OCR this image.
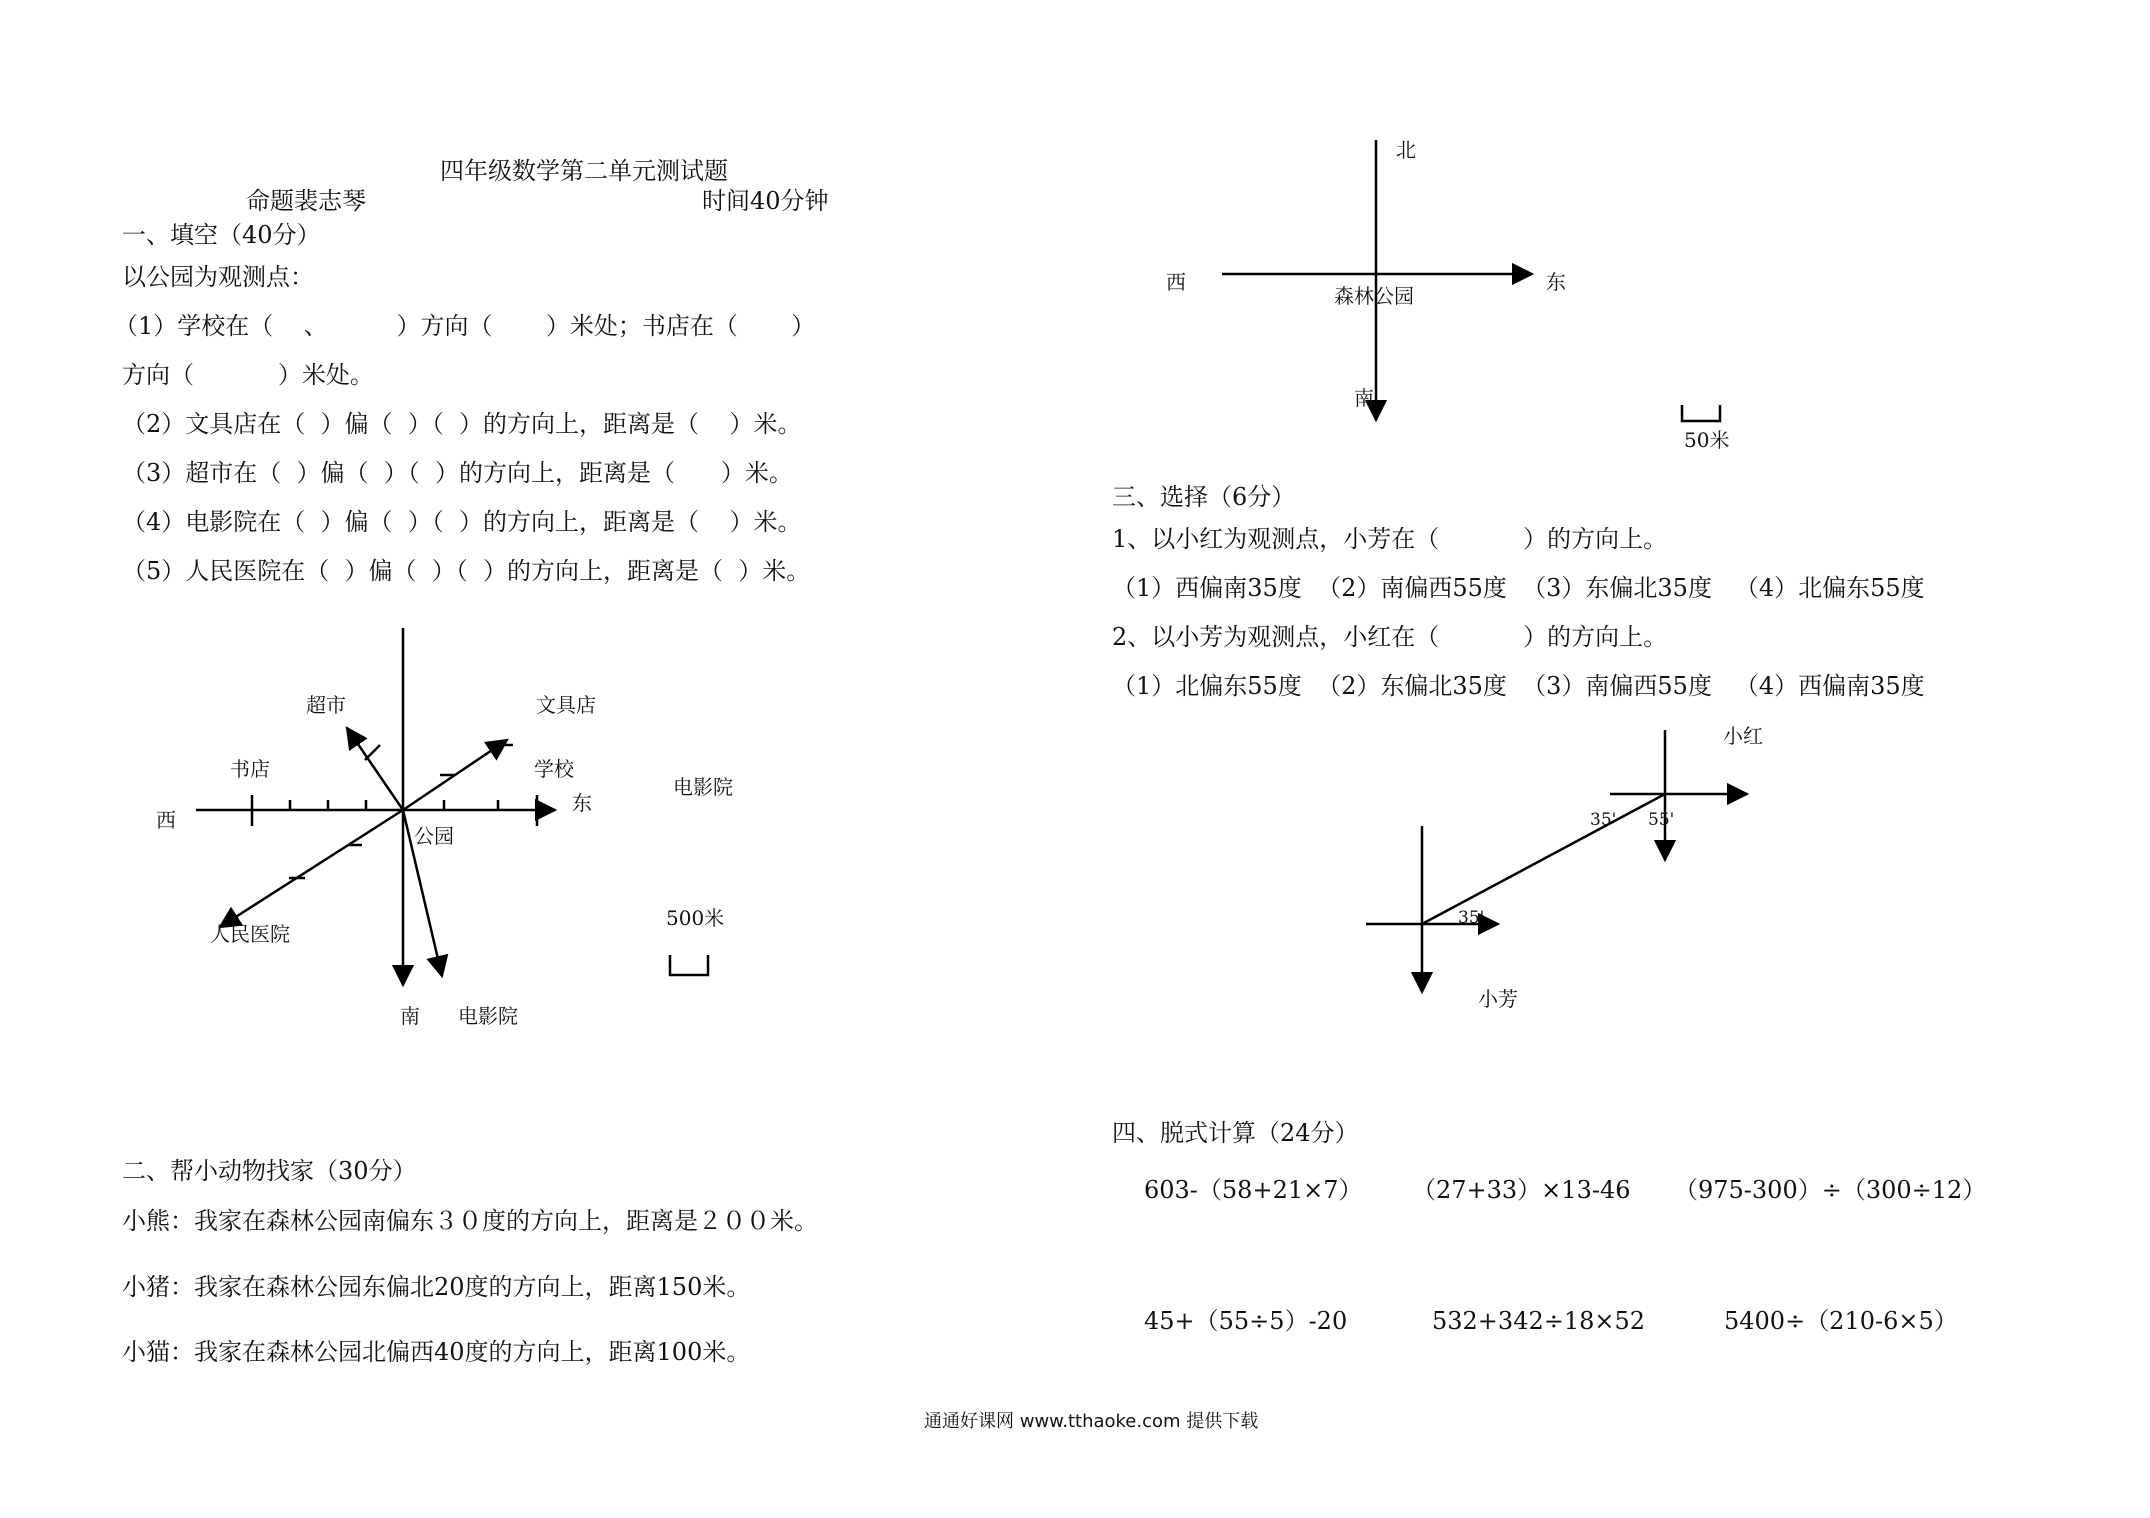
四年级数学第二单元测试题
命题裴志琴	时间40分钟
一、填空（40分）
以公园为观测点：
（1）学校在（    、         ）方向（       ）米处；书店在（       ）
方向（           ）米处。
（2）文具店在（  ）偏（  ）（  ）的方向上，距离是（    ）米。
（3）超市在（  ）偏（  ）（  ）的方向上，距离是（      ）米。
（4）电影院在（  ）偏（  ）（  ）的方向上，距离是（    ）米。
（5）人民医院在（  ）偏（  ）（  ）的方向上，距离是（  ）米。
西
东
南
公园
超市	文具店
书店	学校
人民医院
电影院
电影院
500米
二、帮小动物找家（30分）
小熊：我家在森林公园南偏东３０度的方向上，距离是２００米。
小猪：我家在森林公园东偏北20度的方向上，距离150米。
小猫：我家在森林公园北偏西40度的方向上，距离100米。
北
西	东
森林公园
南
50米
三、选择（6分）
1、以小红为观测点，小芳在（           ）的方向上。
（1）西偏南35度  （2）南偏西55度  （3）东偏北35度   （4）北偏东55度
2、以小芳为观测点，小红在（           ）的方向上。
（1）北偏东55度  （2）东偏北35度  （3）南偏西55度   （4）西偏南35度
小红
小芳
35' 55'
35'
四、脱式计算（24分）
603-（58+21×7） （27+33）×13-46 （975-300）÷（300÷12）
45+（55÷5）-20	532+342÷18×52	5400÷（210-6×5）
通通好课网 www.tthaoke.com 提供下载
